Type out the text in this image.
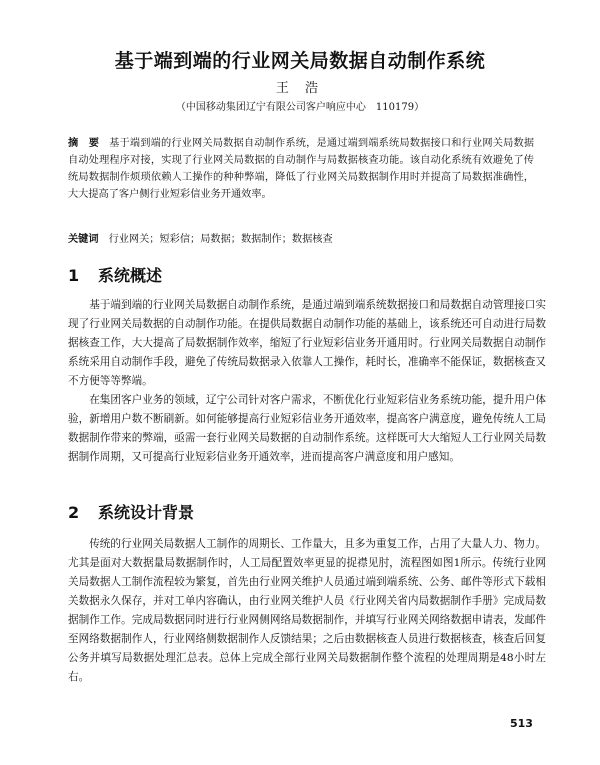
基于端到端的行业网关局数据自动制作系统
王 浩
（中国移动集团辽宁有限公司客户响应中心　110179）
摘　要 基于端到端的行业网关局数据自动制作系统，是通过端到端系统局数据接口和行业网关局数据自动处理程序对接，实现了行业网关局数据的自动制作与局数据核查功能。该自动化系统有效避免了传统局数据制作烦琐依赖人工操作的种种弊端，降低了行业网关局数据制作用时并提高了局数据准确性，大大提高了客户侧行业短彩信业务开通效率。
关键词 行业网关；短彩信；局数据；数据制作；数据核查
1 系统概述

基于端到端的行业网关局数据自动制作系统，是通过端到端系统数据接口和局数据自动管理接口实现了行业网关局数据的自动制作功能。在提供局数据自动制作功能的基础上，该系统还可自动进行局数据核查工作，大大提高了局数据制作效率，缩短了行业短彩信业务开通用时。行业网关局数据自动制作系统采用自动制作手段，避免了传统局数据录入依靠人工操作，耗时长，准确率不能保证，数据核查又不方便等等弊端。

在集团客户业务的领域，辽宁公司针对客户需求，不断优化行业短彩信业务系统功能，提升用户体验，新增用户数不断刷新。如何能够提高行业短彩信业务开通效率，提高客户满意度，避免传统人工局数据制作带来的弊端，亟需一套行业网关局数据的自动制作系统。这样既可大大缩短人工行业网关局数据制作周期，又可提高行业短彩信业务开通效率，进而提高客户满意度和用户感知。

2 系统设计背景

传统的行业网关局数据人工制作的周期长、工作量大，且多为重复工作，占用了大量人力、物力。尤其是面对大数据量局数据制作时，人工局配置效率更显的捉襟见肘，流程图如图1所示。传统行业网关局数据人工制作流程较为繁复，首先由行业网关维护人员通过端到端系统、公务、邮件等形式下载相关数据永久保存，并对工单内容确认，由行业网关维护人员《行业网关省内局数据制作手册》完成局数据制作工作。完成局数据同时进行行业网侧网络局数据制作，并填写行业网关网络数据申请表，发邮件至网络数据制作人，行业网络侧数据制作人反馈结果；之后由数据核查人员进行数据核查，核查后回复公务并填写局数据处理汇总表。总体上完成全部行业网关局数据制作整个流程的处理周期是48小时左右。

513
